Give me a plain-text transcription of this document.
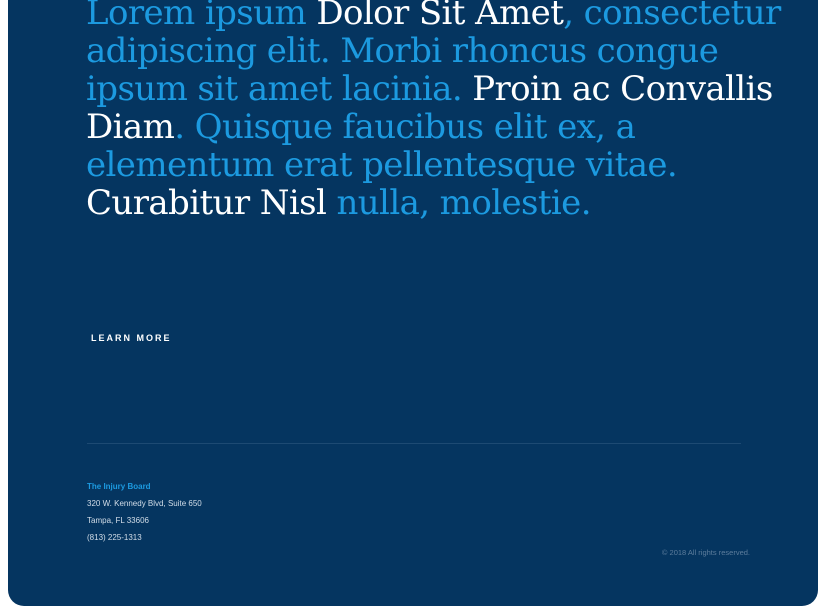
Lorem ipsum Dolor Sit Amet, consectetur adipiscing elit. Morbi rhoncus congue ipsum sit amet lacinia. Proin ac Convallis Diam. Quisque faucibus elit ex, a elementum erat pellentesque vitae. Curabitur Nisl nulla, molestie.
LEARN MORE
The Injury Board
320 W. Kennedy Blvd, Suite 650
Tampa, FL 33606
(813) 225-1313
© 2018 All rights reserved.
